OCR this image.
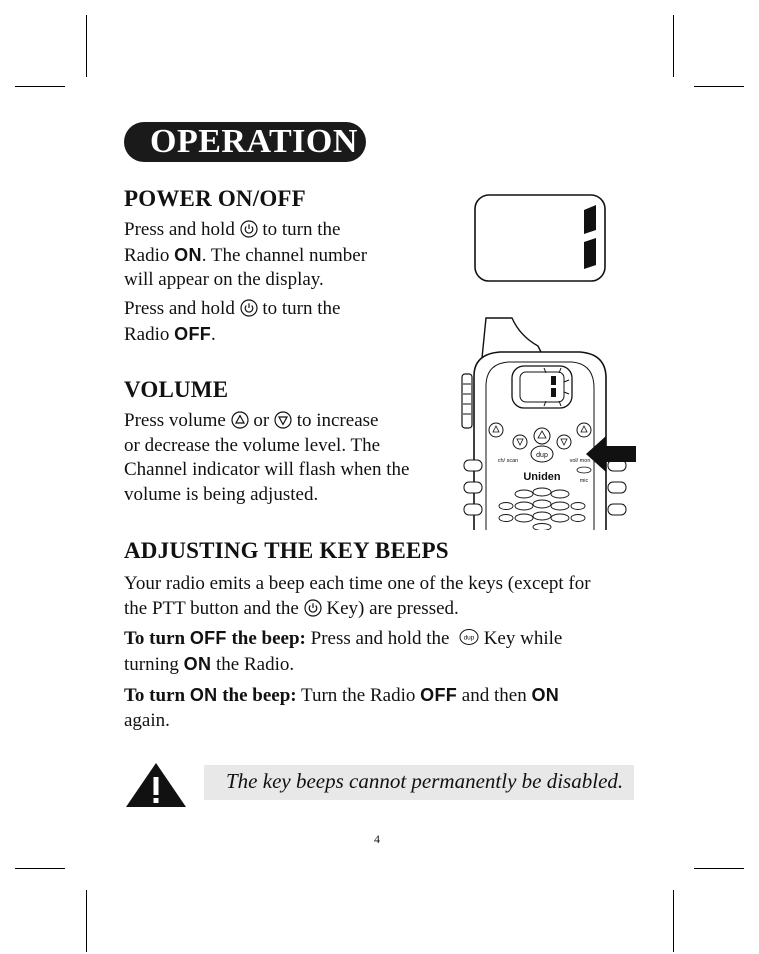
OPERATION
POWER ON/OFF

Press and hold to turn the
Radio ON. The channel number
will appear on the display.

Press and hold to turn the
Radio OFF.

VOLUME

Press volume or to increase
or decrease the volume level. The
Channel indicator will flash when the
volume is being adjusted.

dup
ch/ scan	vol/ mon
mic
Uniden
ADJUSTING THE KEY BEEPS

Your radio emits a beep each time one of the keys (except for
the PTT button and the Key) are pressed.

To turn OFF the beep: Press and hold the dup Key while
turning ON the Radio.

To turn ON the beep: Turn the Radio OFF and then ON
again.

The key beeps cannot permanently be disabled.
4
